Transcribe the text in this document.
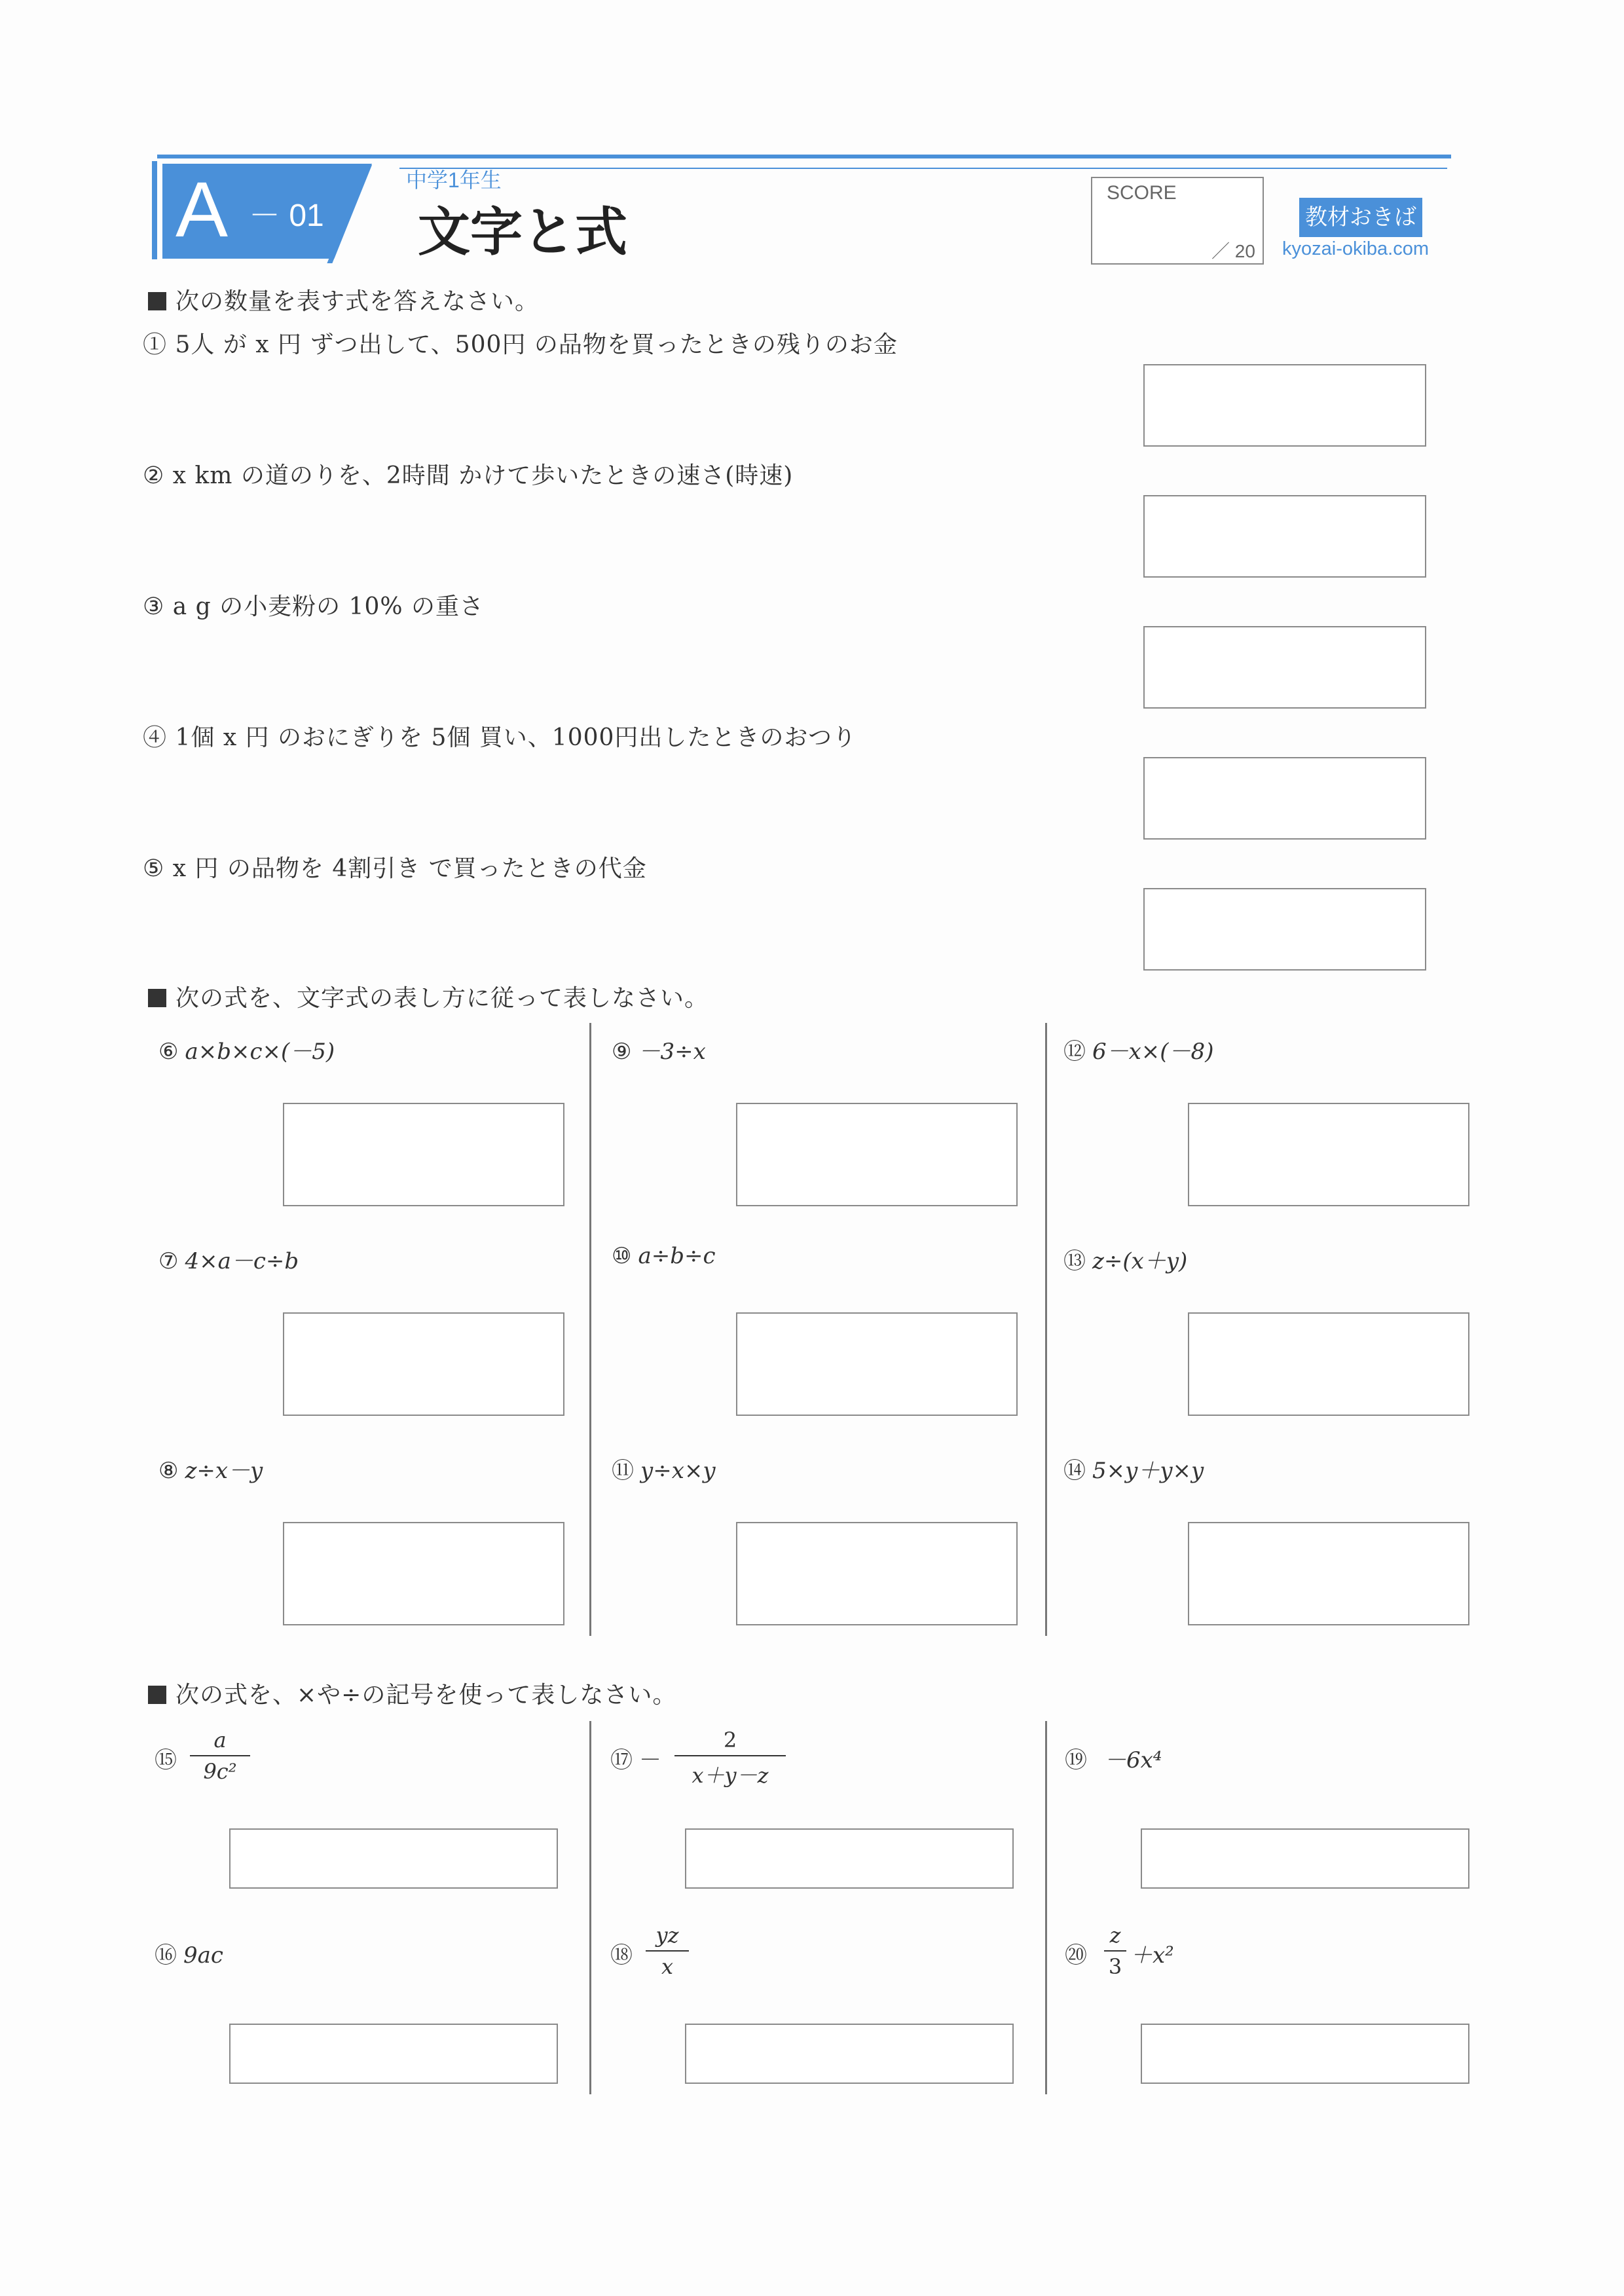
A － 01
中学1年生
文字と式
SCORE
／ 20
教材おきば
kyozai-okiba.com
次の数量を表す式を答えなさい。
① 5人 が x 円 ずつ出して、500円 の品物を買ったときの残りのお金
② x km の道のりを、2時間 かけて歩いたときの速さ(時速)
③ a g の小麦粉の 10% の重さ
④ 1個 x 円 のおにぎりを 5個 買い、1000円出したときのおつり
⑤ x 円 の品物を 4割引き で買ったときの代金
次の式を、文字式の表し方に従って表しなさい。
⑥ a×b×c×(－5)
⑦ 4×a－c÷b
⑧ z÷x－y
⑨ －3÷x
⑩ a÷b÷c
⑪ y÷x×y
⑫ 6－x×(－8)
⑬ z÷(x＋y)
⑭ 5×y＋y×y
次の式を、×や÷の記号を使って表しなさい。
⑮
a
9c²
⑯ 9ac
⑰ －
2
x＋y－z
⑱
yz
x
⑲ －6x⁴
⑳
z
3 ＋x²
